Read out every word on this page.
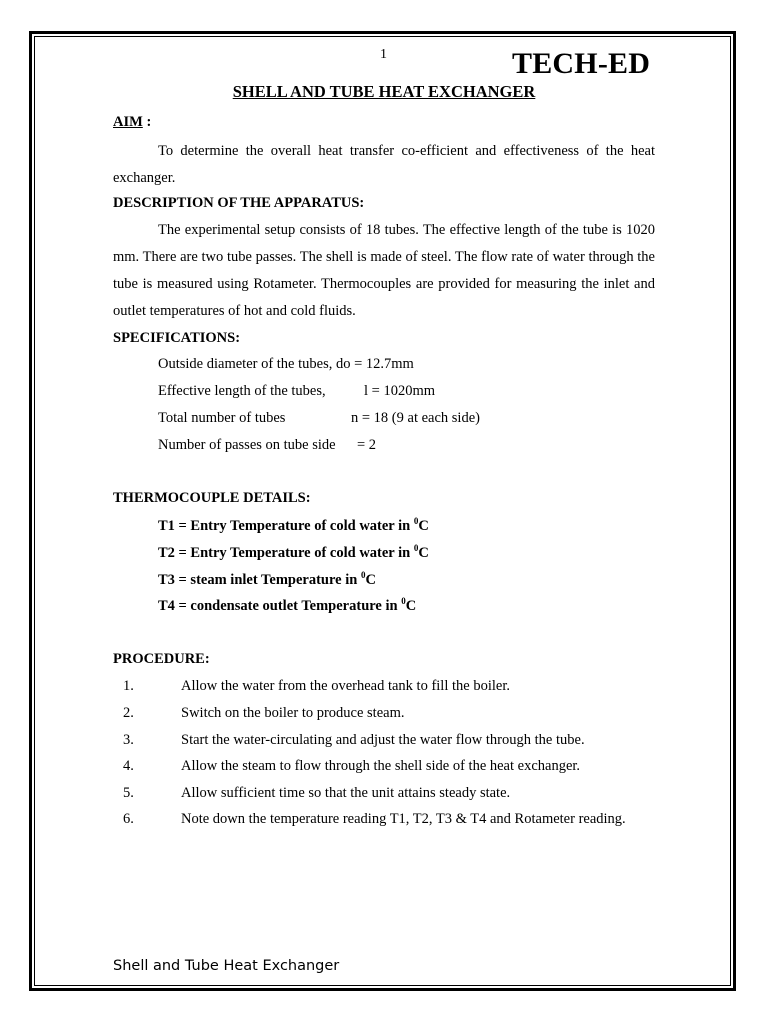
1	TECH-ED
SHELL AND TUBE HEAT EXCHANGER
AIM :
To determine the overall heat transfer co-efficient and effectiveness of the heat exchanger.
DESCRIPTION OF THE APPARATUS:
The experimental setup consists of 18 tubes. The effective length of the tube is 1020 mm. There are two tube passes. The shell is made of steel. The flow rate of water through the tube is measured using Rotameter. Thermocouples are provided for measuring the inlet and outlet temperatures of hot and cold fluids.
SPECIFICATIONS:
Outside diameter of the tubes, do = 12.7mm
Effective length of the tubes,	l = 1020mm
Total number of tubes	n = 18 (9 at each side)
Number of passes on tube side = 2
THERMOCOUPLE DETAILS:
T1 = Entry Temperature of cold water in $^0$C
T2 = Entry Temperature of cold water in $^0$C
T3 = steam inlet Temperature in $^0$C
T4 = condensate outlet Temperature in $^0$C
PROCEDURE:
1.	Allow the water from the overhead tank to fill the boiler.
2.	Switch on the boiler to produce steam.
3.	Start the water-circulating and adjust the water flow through the tube.
4.	Allow the steam to flow through the shell side of the heat exchanger.
5.	Allow sufficient time so that the unit attains steady state.
6.	Note down the temperature reading T1, T2, T3 & T4 and Rotameter reading.
Shell and Tube Heat Exchanger
